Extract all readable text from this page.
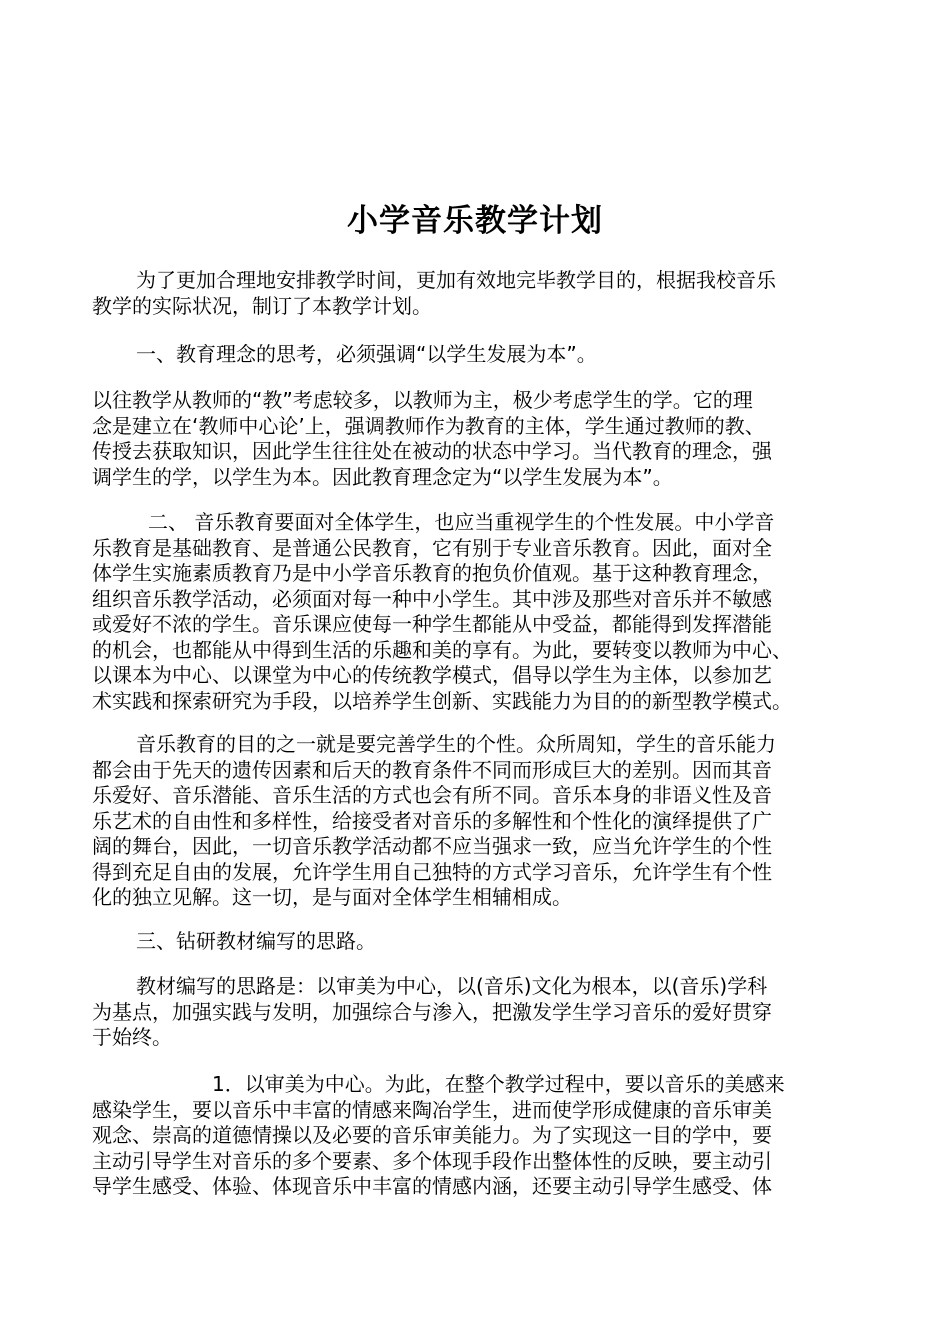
小学音乐教学计划
为了更加合理地安排教学时间，更加有效地完毕教学目的，根据我校音乐
教学的实际状况，制订了本教学计划。
一、教育理念的思考，必须强调“以学生发展为本”。
以往教学从教师的“教”考虑较多，以教师为主，极少考虑学生的学。它的理
念是建立在‘教师中心论’上，强调教师作为教育的主体，学生通过教师的教、
传授去获取知识，因此学生往往处在被动的状态中学习。当代教育的理念，强
调学生的学，以学生为本。因此教育理念定为“以学生发展为本”。
二、 音乐教育要面对全体学生，也应当重视学生的个性发展。中小学音
乐教育是基础教育、是普通公民教育，它有别于专业音乐教育。因此，面对全
体学生实施素质教育乃是中小学音乐教育的抱负价值观。基于这种教育理念，
组织音乐教学活动，必须面对每一种中小学生。其中涉及那些对音乐并不敏感
或爱好不浓的学生。音乐课应使每一种学生都能从中受益，都能得到发挥潜能
的机会，也都能从中得到生活的乐趣和美的享有。为此，要转变以教师为中心、
以课本为中心、以课堂为中心的传统教学模式，倡导以学生为主体，以参加艺
术实践和探索研究为手段，以培养学生创新、实践能力为目的的新型教学模式。
音乐教育的目的之一就是要完善学生的个性。众所周知，学生的音乐能力
都会由于先天的遗传因素和后天的教育条件不同而形成巨大的差别。因而其音
乐爱好、音乐潜能、音乐生活的方式也会有所不同。音乐本身的非语义性及音
乐艺术的自由性和多样性，给接受者对音乐的多解性和个性化的演绎提供了广
阔的舞台，因此，一切音乐教学活动都不应当强求一致，应当允许学生的个性
得到充足自由的发展，允许学生用自己独特的方式学习音乐，允许学生有个性
化的独立见解。这一切，是与面对全体学生相辅相成。
三、钻研教材编写的思路。
教材编写的思路是：以审美为中心，以(音乐)文化为根本，以(音乐)学科
为基点，加强实践与发明，加强综合与渗入，把激发学生学习音乐的爱好贯穿
于始终。
1．以审美为中心。为此，在整个教学过程中，要以音乐的美感来
感染学生，要以音乐中丰富的情感来陶冶学生，进而使学形成健康的音乐审美
观念、崇高的道德情操以及必要的音乐审美能力。为了实现这一目的学中，要
主动引导学生对音乐的多个要素、多个体现手段作出整体性的反映，要主动引
导学生感受、体验、体现音乐中丰富的情感内涵，还要主动引导学生感受、体
